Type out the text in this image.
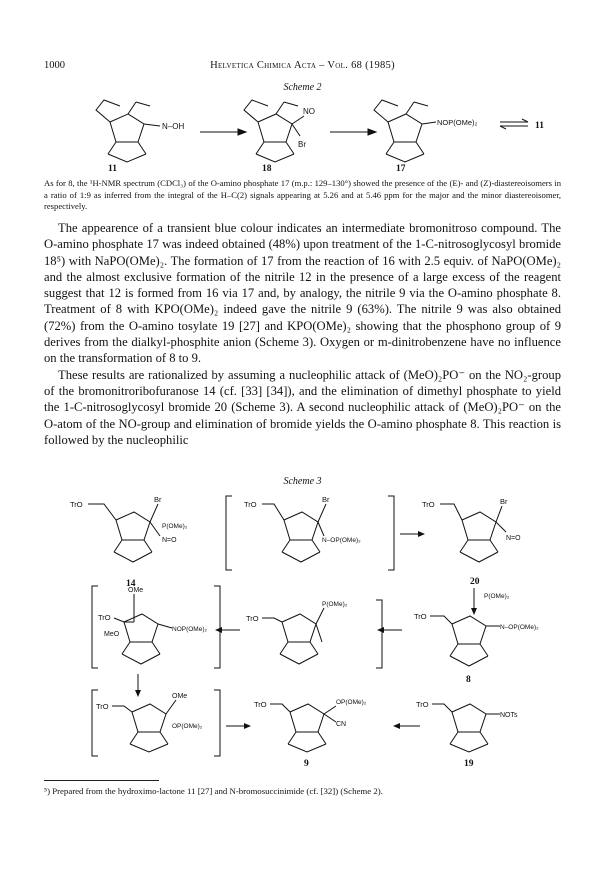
1000	Helvetica Chimica Acta – Vol. 68 (1985)
Scheme 2
N–OH
NO
Br
NOP(OMe)₂	11
11	18	17
As for 8, the ¹H-NMR spectrum (CDCl₃) of the O-amino phosphate 17 (m.p.: 129–130°) showed the presence of the (E)- and (Z)-diastereoisomers in a ratio of 1:9 as inferred from the integral of the H–C(2) signals appearing at 5.26 and at 5.46 ppm for the major and the minor diastereoisomer, respectively.

The appearence of a transient blue colour indicates an intermediate bromonitroso compound. The O-amino phosphate 17 was indeed obtained (48%) upon treatment of the 1-C-nitrosoglycosyl bromide 18⁵) with NaPO(OMe)₂. The formation of 17 from the reaction of 16 with 2.5 equiv. of NaPO(OMe)₂ and the almost exclusive formation of the nitrile 12 in the presence of a large excess of the reagent suggest that 12 is formed from 16 via 17 and, by analogy, the nitrile 9 via the O-amino phosphate 8. Treatment of 8 with KPO(OMe)₂ indeed gave the nitrile 9 (63%). The nitrile 9 was also obtained (72%) from the O-amino tosylate 19 [27] and KPO(OMe)₂ showing that the phosphono group of 9 derives from the dialkyl-phosphite anion (Scheme 3). Oxygen or m-dinitrobenzene have no influence on the transformation of 8 to 9.

These results are rationalized by assuming a nucleophilic attack of (MeO)₂PO⁻ on the NO₂-group of the bromonitroribofuranose 14 (cf. [33] [34]), and the elimination of dimethyl phosphate to yield the 1-C-nitrosoglycosyl bromide 20 (Scheme 3). A second nucleophilic attack of (MeO)₂PO⁻ on the O-atom of the NO-group and elimination of bromide yields the O-amino phosphate 8. This reaction is followed by the nucleophilic

Scheme 3
TrO
Br
P(OMe)₂
N=O
TrO
Br
N–OP(OMe)₂
TrO	Br
N=O
P(OMe)₂
OMe
TrO
MeO
NOP(OMe)₂
TrO
P(OMe)₂
TrO
N–OP(OMe)₂
TrO
OMe
OP(OMe)₂
TrO	OP(OMe)₂
CN
TrO
NOTs
14	20
8
9	19
⁵) Prepared from the hydroximo-lactone 11 [27] and N-bromosuccinimide (cf. [32]) (Scheme 2).
